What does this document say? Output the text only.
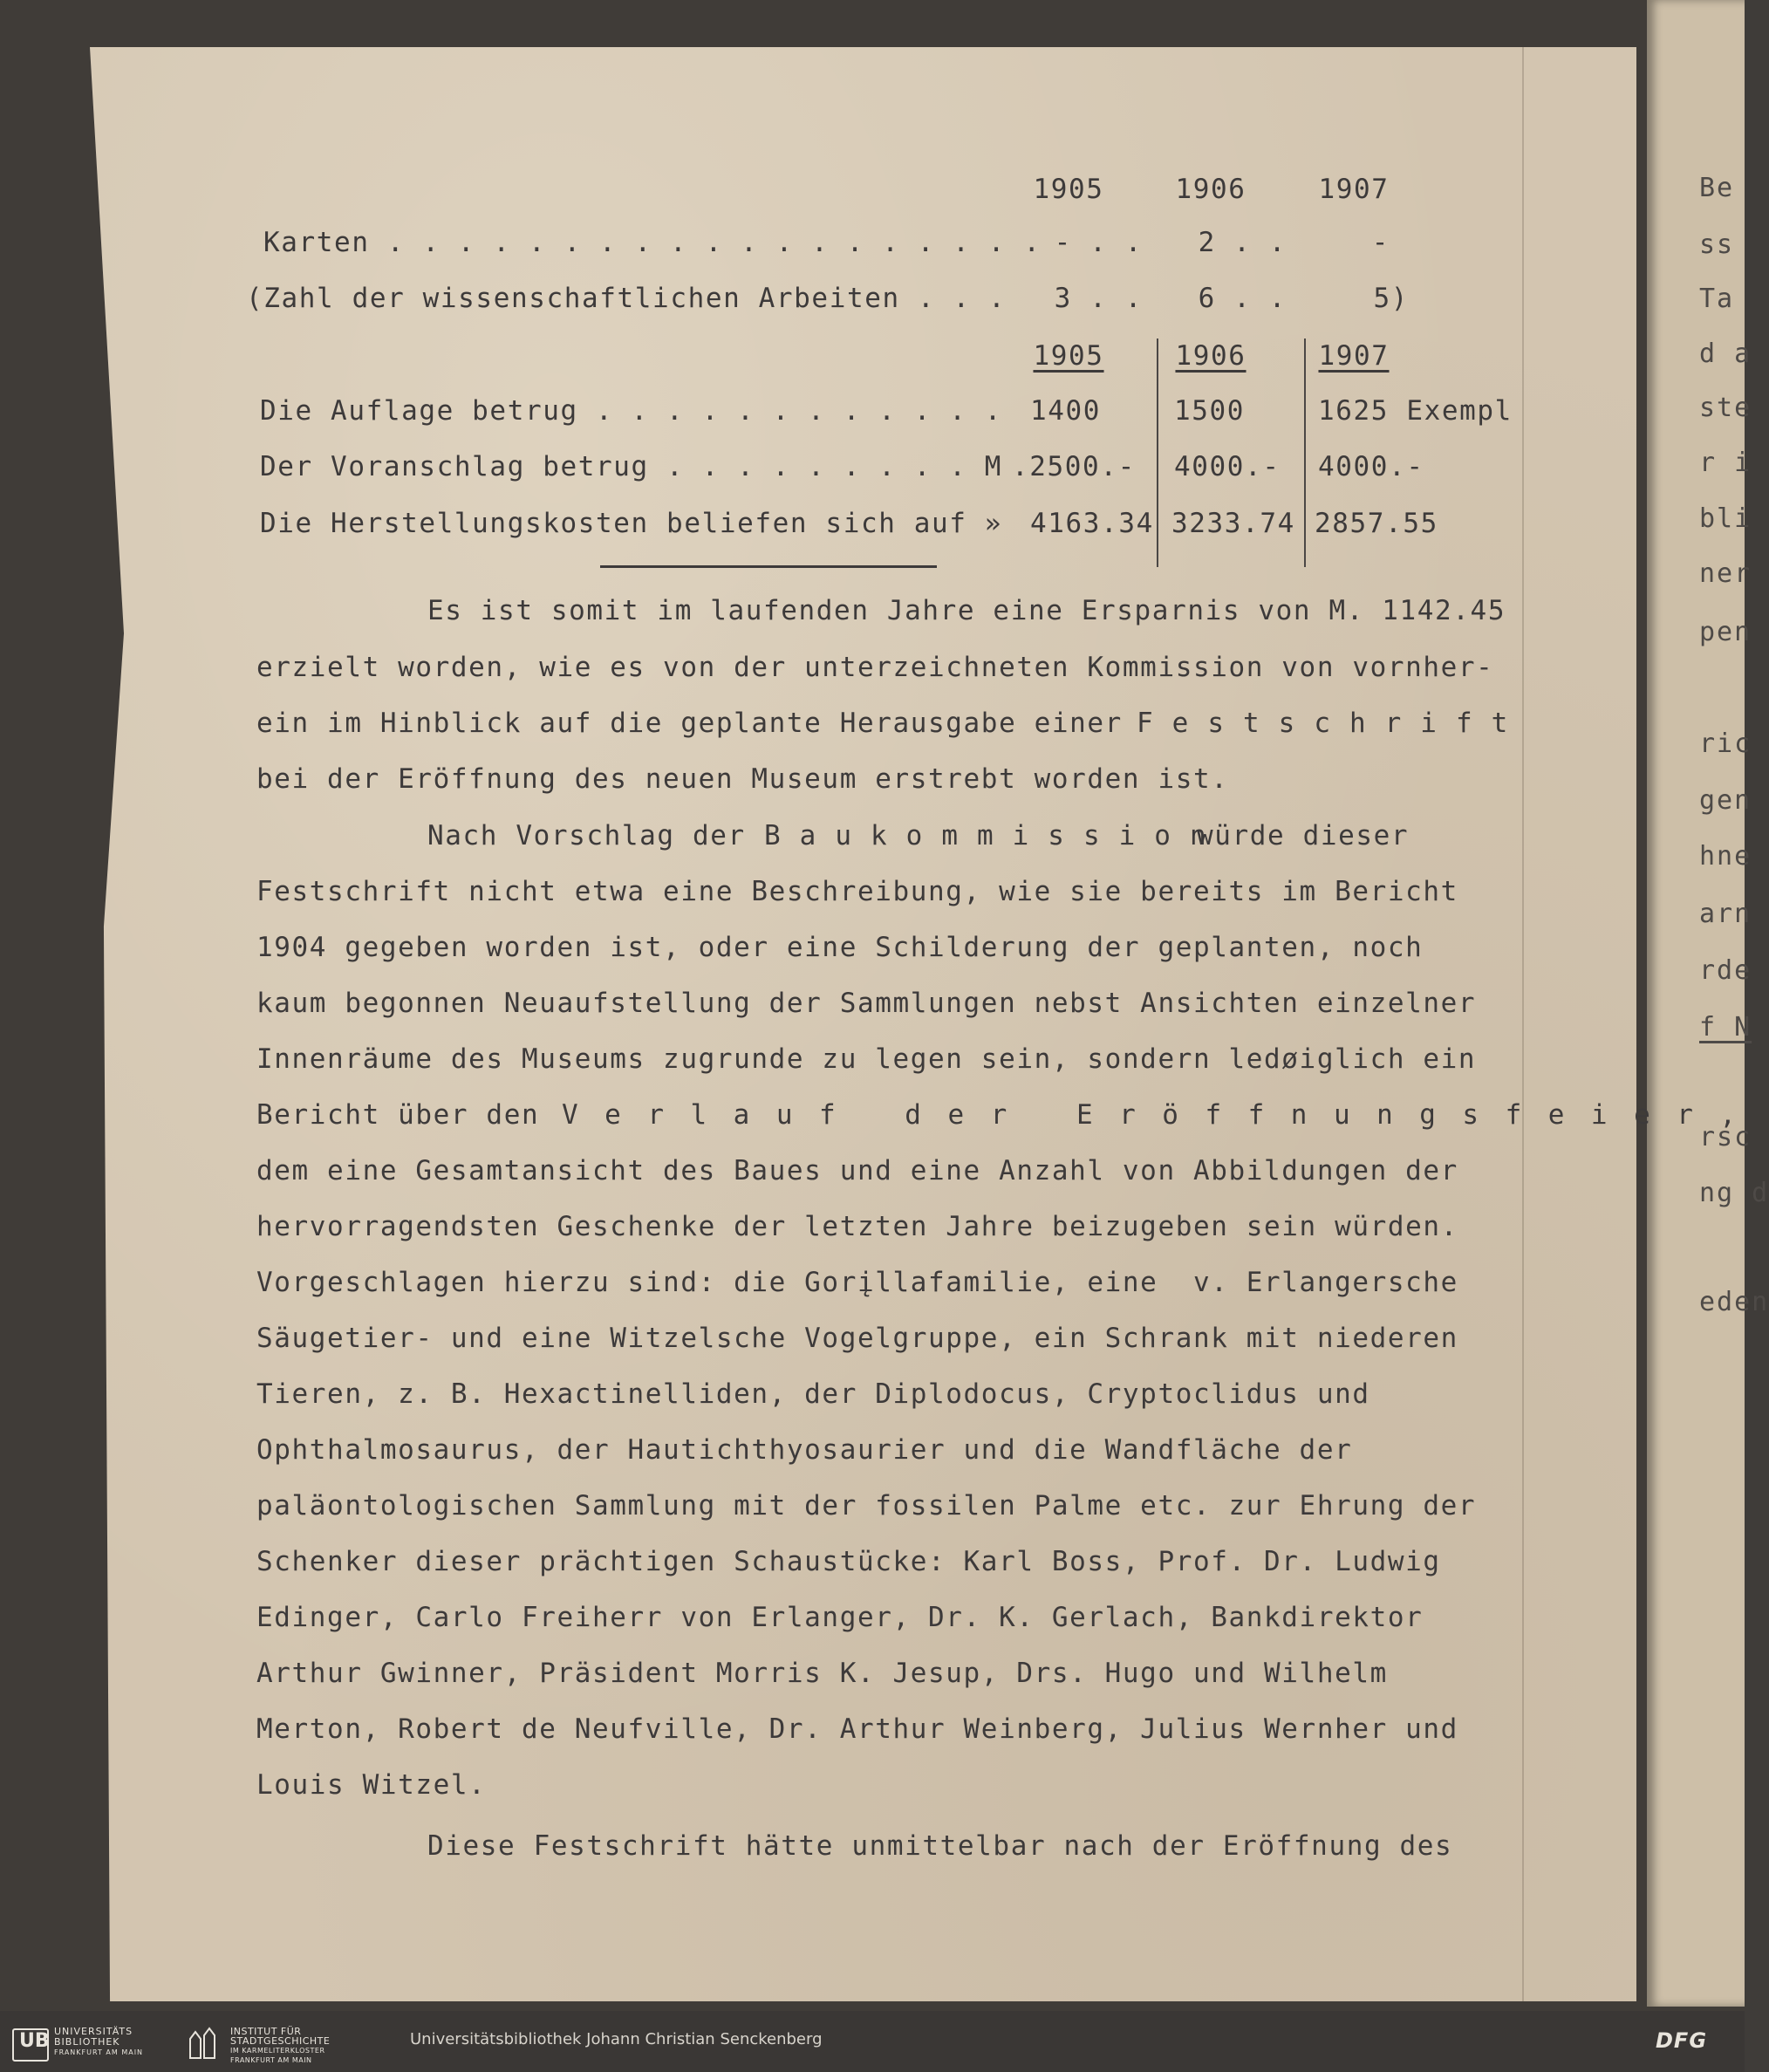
Be
ss
Ta
d a
ste
r i
bli
ner
pen
ric
gen
hne
arn
rde
f N
rsc
ng d
eden
1905	1906	1907
Karten . . . . . . . . . . . . . . . . . . . - . .	2 . .	-
(Zahl der wissenschaftlichen Arbeiten . . .	3 . .	6 . .	5)
1905	1906	1907
Die Auflage betrug . . . . . . . . . . . . 1400	1500	1625 Exempl
Der Voranschlag betrug . . . . . . . . . M .2500.-	4000.-	4000.-
Die Herstellungskosten beliefen sich auf » 4163.34 3233.74 2857.55
Es ist somit im laufenden Jahre eine Ersparnis von M. 1142.45
erzielt worden, wie es von der unterzeichneten Kommission von vornher-
ein im Hinblick auf die geplante Herausgabe einer Festschrift
bei der Eröffnung des neuen Museum erstrebt worden ist.
Nach Vorschlag der Baukommission
würde dieser
Festschrift nicht etwa eine Beschreibung, wie sie bereits im Bericht
1904 gegeben worden ist, oder eine Schilderung der geplanten, noch
kaum begonnen Neuaufstellung der Sammlungen nebst Ansichten einzelner
Innenräume des Museums zugrunde zu legen sein, sondern ledøiglich ein
Bericht über den Verlauf der Eröffnungsfeier,
dem eine Gesamtansicht des Baues und eine Anzahl von Abbildungen der
hervorragendsten Geschenke der letzten Jahre beizugeben sein würden.
Vorgeschlagen hierzu sind: die Gorįllafamilie, eine  v. Erlangersche
Säugetier- und eine Witzelsche Vogelgruppe, ein Schrank mit niederen
Tieren, z. B. Hexactinelliden, der Diplodocus, Cryptoclidus und
Ophthalmosaurus, der Hautichthyosaurier und die Wandfläche der
paläontologischen Sammlung mit der fossilen Palme etc. zur Ehrung der
Schenker dieser prächtigen Schaustücke: Karl Boss, Prof. Dr. Ludwig
Edinger, Carlo Freiherr von Erlanger, Dr. K. Gerlach, Bankdirektor
Arthur Gwinner, Präsident Morris K. Jesup, Drs. Hugo und Wilhelm
Merton, Robert de Neufville, Dr. Arthur Weinberg, Julius Wernher und
Louis Witzel.
Diese Festschrift hätte unmittelbar nach der Eröffnung des
UB UNIVERSITÄTS
BIBLIOTHEK
FRANKFURT AM MAIN
INSTITUT FÜR
STADTGESCHICHTE
IM KARMELITERKLOSTER
FRANKFURT AM MAIN
Universitätsbibliothek Johann Christian Senckenberg	DFG
